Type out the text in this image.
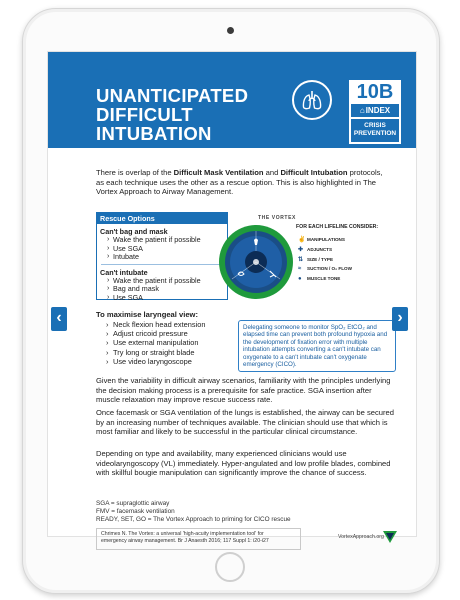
UNANTICIPATED
DIFFICULT
INTUBATION
10B
⌂INDEX
CRISIS
PREVENTION
There is overlap of the Difficult Mask Ventilation and Difficult Intubation protocols, as each technique uses the other as a rescue option. This is also highlighted in The Vortex Approach to Airway Management.
Rescue Options
Can't bag and mask
› Wake the patient if possible
› Use SGA
› Intubate
Can't intubate
› Wake the patient if possible
› Bag and mask
› Use SGA
THE VORTEX
FOR EACH LIFELINE CONSIDER:
✌ MANIPULATIONS
✚ ADJUNCTS
⇅ SIZE / TYPE
≈ SUCTION / O₂ FLOW
● MUSCLE TONE
To maximise laryngeal view:
› Neck flexion head extension
› Adjust cricoid pressure
› Use external manipulation
› Try long or straight blade
› Use video laryngoscope
Delegating someone to monitor SpO₂ EtCO₂ and elapsed time can prevent both profound hypoxia and the development of fixation error with multiple intubation attempts converting a can't intubate can oxygenate to a can't intubate can't oxygenate emergency (CICO).
Given the variability in difficult airway scenarios, familiarity with the principles underlying the decision making process is a prerequisite for safe practice. SGA insertion after muscle relaxation may improve rescue success rate.
Once facemask or SGA ventilation of the lungs is established, the airway can be secured by an increasing number of techniques available. The clinician should use that which is most familiar and likely to be successful in the particular clinical circumstance.
Depending on type and availability, many experienced clinicians would use videolaryngoscopy (VL) immediately. Hyper-angulated and low profile blades, combined with skillful bougie manipulation can significantly improve the chance of success.
SGA = supraglottic airway
FMV = facemask ventilation
READY, SET, GO = The Vortex Approach to priming for CICO rescue
Chrimes N. The Vortex: a universal 'high-acuity implementation tool' for
emergency airway management. Br J Anaesth 2016; 117 Suppl 1: i20-i27
VortexApproach.org
‹	›
